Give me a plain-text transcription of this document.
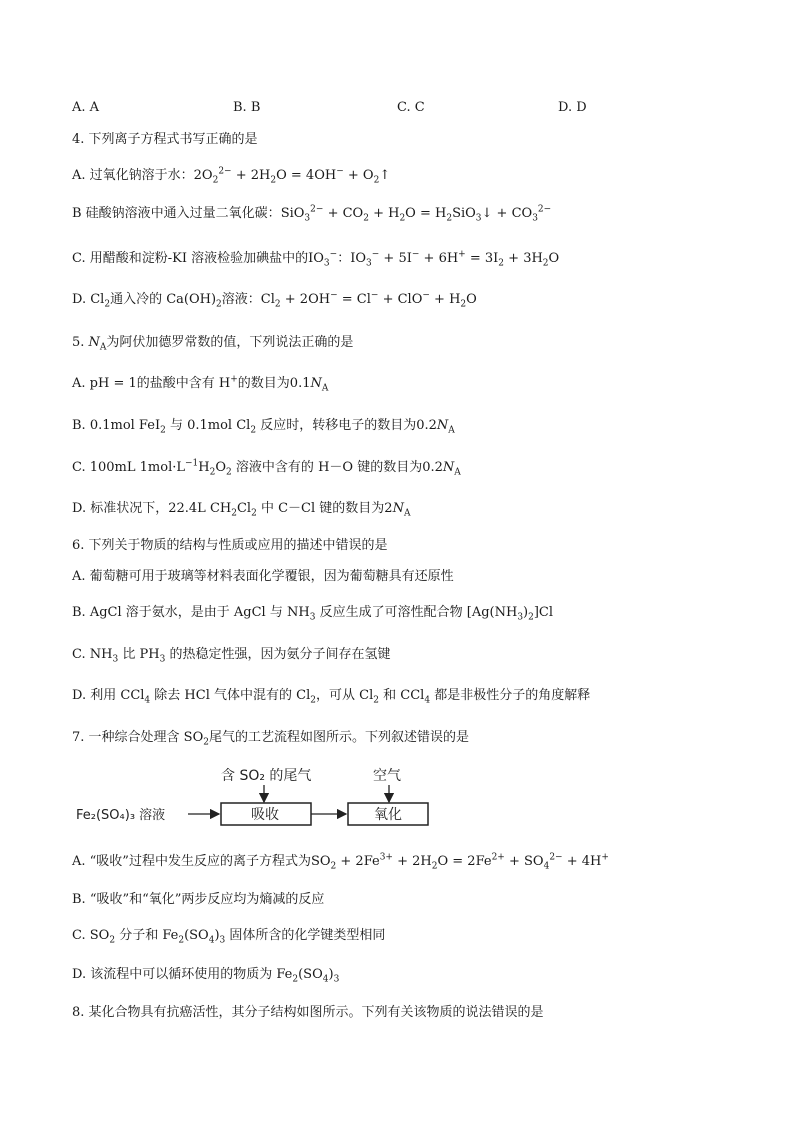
A. A	B. B	C. C	D. D
4. 下列离子方程式书写正确的是
A. 过氧化钠溶于水：$2O_2^{2-} + 2H_2O = 4OH^-$ + $O_2↑$
B 硅酸钠溶液中通入过量二氧化碳：$SiO_3^{2-} + CO_2 + H_2O$ = $H_2SiO_3↓ + CO_3^{2-}$
C. 用醋酸和淀粉-KI 溶液检验加碘盐中的$IO_3^-$：$IO_3^- + 5I^- + 6H^+ = 3I_2 + 3H_2O$
D. $Cl_2$通入冷的 $Ca(OH)_2$溶液：$Cl_2 + 2OH^- = Cl^- + ClO^- + H_2O$
5. $N_A$为阿伏加德罗常数的值，下列说法正确的是
A. pH = 1的盐酸中含有 H+的数目为$0.1N_A$
B. 0.1mol FeI$_2$ 与 0.1mol $Cl_2$ 反应时，转移电子的数目为$0.2N_A$
C. 100mL $1mol\cdot L^{-1}H_2O_2$ 溶液中含有的 H－O 键的数目为$0.2N_A$
D. 标准状况下，22.4L $CH_2Cl_2$ 中 C－Cl 键的数目为$2N_A$
6. 下列关于物质的结构与性质或应用的描述中错误的是
A. 葡萄糖可用于玻璃等材料表面化学覆银，因为葡萄糖具有还原性
B. AgCl 溶于氨水，是由于 AgCl 与 $NH_3$ 反应生成了可溶性配合物 $[Ag(NH_3)_2]Cl$
C. $NH_3$ 比 $PH_3$ 的热稳定性强，因为氨分子间存在氢键
D. 利用 CCl$_4$ 除去 HCl 气体中混有的 $Cl_2$，可从 $Cl_2$ 和 CCl$_4$ 都是非极性分子的角度解释
7. 一种综合处理含 $SO_2$尾气的工艺流程如图所示。下列叙述错误的是
含 SO₂ 的尾气	空气
Fe₂(SO₄)₃ 溶液	吸收	氧化
A. “吸收”过程中发生反应的离子方程式为$SO_2 + 2Fe^{3+} + 2H_2O = 2Fe^{2+} + SO_4^{2-} + 4H^+$
B. “吸收”和“氧化”两步反应均为熵减的反应
C. $SO_2$ 分子和 $Fe_2(SO_4)_3$ 固体所含的化学键类型相同
D. 该流程中可以循环使用的物质为 $Fe_2(SO_4)_3$
8. 某化合物具有抗癌活性，其分子结构如图所示。下列有关该物质的说法错误的是
